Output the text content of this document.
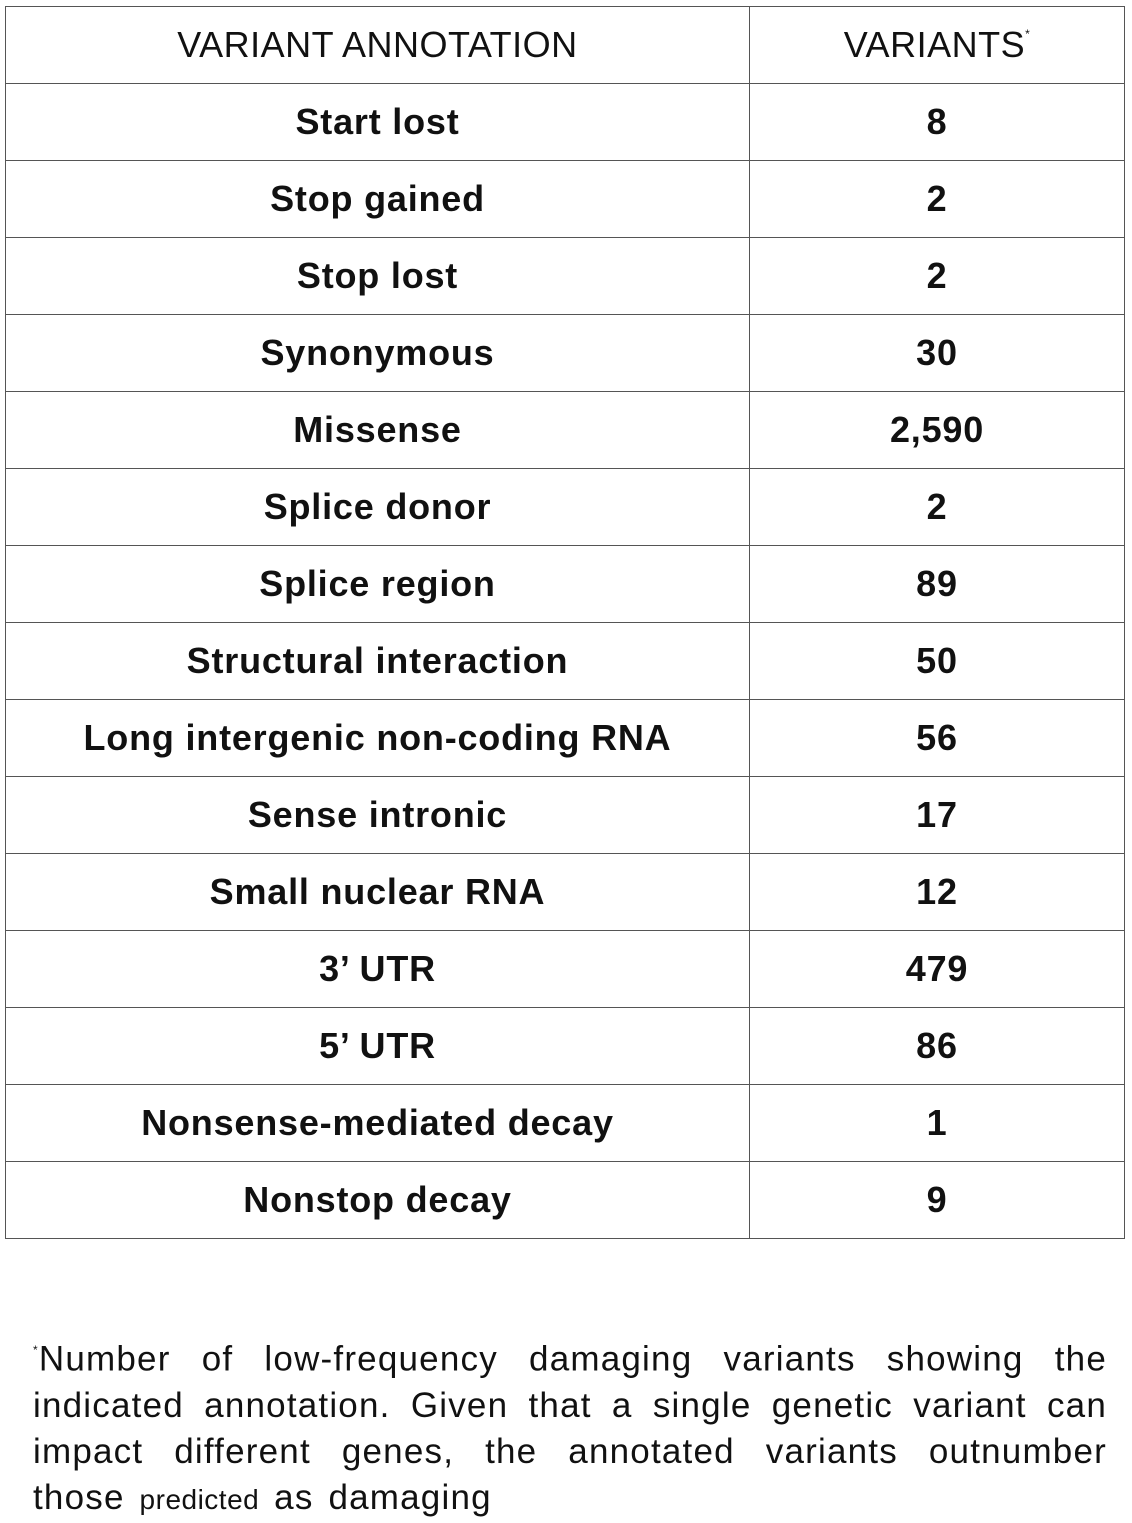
VARIANT ANNOTATION	VARIANTS*
Start lost	8
Stop gained	2
Stop lost	2
Synonymous	30
Missense	2,590
Splice donor	2
Splice region	89
Structural interaction	50
Long intergenic non-coding RNA	56
Sense intronic	17
Small nuclear RNA	12
3’ UTR	479
5’ UTR	86
Nonsense-mediated decay	1
Nonstop decay	9

*Number of low-frequency damaging variants showing the indicated annotation. Given that a single genetic variant can impact different genes, the annotated variants outnumber those predicted as damaging
